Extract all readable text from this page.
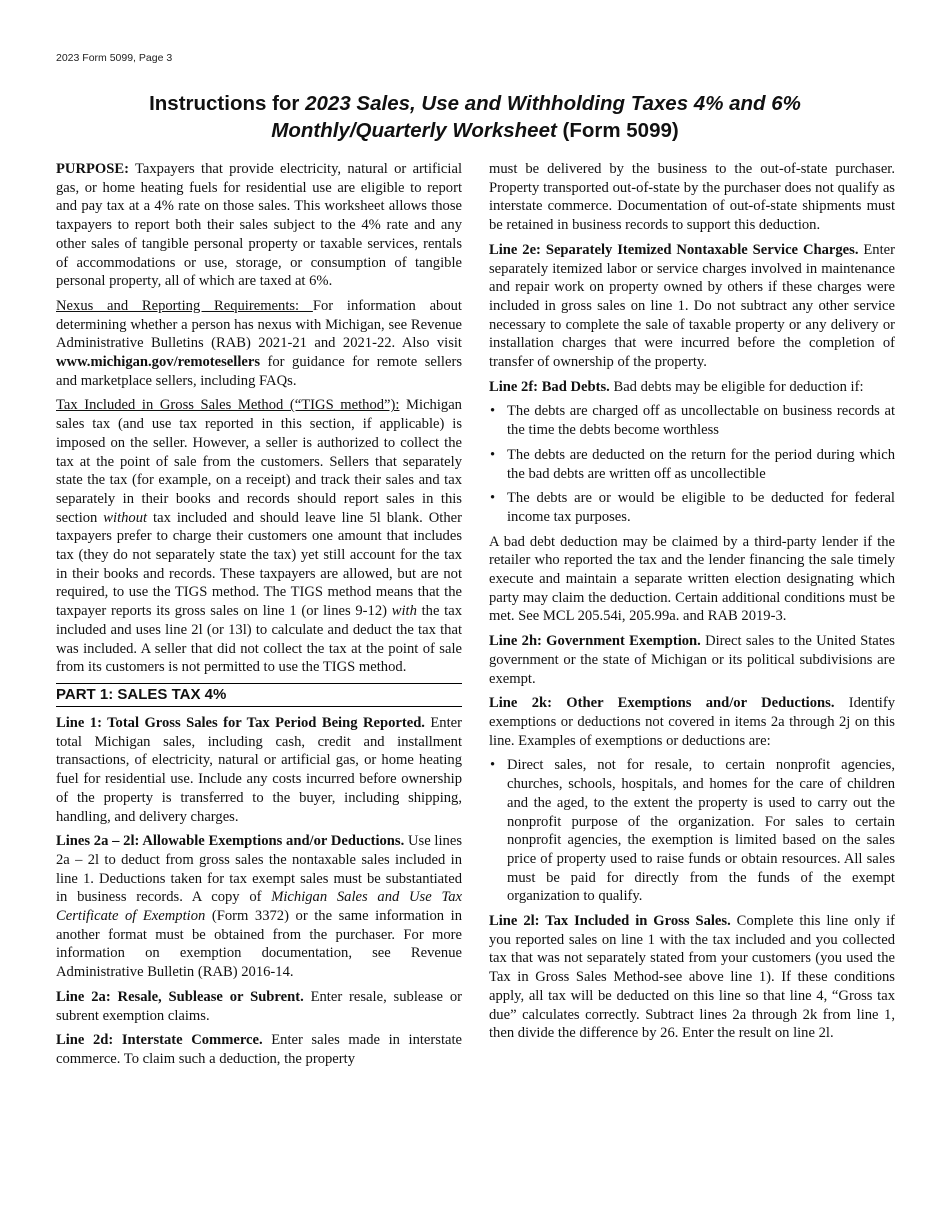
2023 Form 5099, Page 3
Instructions for 2023 Sales, Use and Withholding Taxes 4% and 6%
Monthly/Quarterly Worksheet (Form 5099)

PURPOSE: Taxpayers that provide electricity, natural or artificial gas, or home heating fuels for residential use are eligible to report and pay tax at a 4% rate on those sales. This worksheet allows those taxpayers to report both their sales subject to the 4% rate and any other sales of tangible personal property or taxable services, rentals of accommodations or use, storage, or consumption of tangible personal property, all of which are taxed at 6%.

Nexus and Reporting Requirements: For information about determining whether a person has nexus with Michigan, see Revenue Administrative Bulletins (RAB) 2021-21 and 2021-22. Also visit www.michigan.gov/remotesellers for guidance for remote sellers and marketplace sellers, including FAQs.

Tax Included in Gross Sales Method (“TIGS method”): Michigan sales tax (and use tax reported in this section, if applicable) is imposed on the seller. However, a seller is authorized to collect the tax at the point of sale from the customers. Sellers that separately state the tax (for example, on a receipt) and track their sales and tax separately in their books and records should report sales in this section without tax included and should leave line 5l blank. Other taxpayers prefer to charge their customers one amount that includes tax (they do not separately state the tax) yet still account for the tax in their books and records. These taxpayers are allowed, but are not required, to use the TIGS method. The TIGS method means that the taxpayer reports its gross sales on line 1 (or lines 9-12) with the tax included and uses line 2l (or 13l) to calculate and deduct the tax that was included. A seller that did not collect the tax at the point of sale from its customers is not permitted to use the TIGS method.

PART 1: SALES TAX 4%

Line 1: Total Gross Sales for Tax Period Being Reported. Enter total Michigan sales, including cash, credit and installment transactions, of electricity, natural or artificial gas, or home heating fuel for residential use. Include any costs incurred before ownership of the property is transferred to the buyer, including shipping, handling, and delivery charges.

Lines 2a – 2l: Allowable Exemptions and/or Deductions. Use lines 2a – 2l to deduct from gross sales the nontaxable sales included in line 1. Deductions taken for tax exempt sales must be substantiated in business records. A copy of Michigan Sales and Use Tax Certificate of Exemption (Form 3372) or the same information in another format must be obtained from the purchaser. For more information on exemption documentation, see Revenue Administrative Bulletin (RAB) 2016-14.

Line 2a: Resale, Sublease or Subrent. Enter resale, sublease or subrent exemption claims.

Line 2d: Interstate Commerce. Enter sales made in interstate commerce. To claim such a deduction, the property

must be delivered by the business to the out-of-state purchaser. Property transported out-of-state by the purchaser does not qualify as interstate commerce. Documentation of out-of-state shipments must be retained in business records to support this deduction.

Line 2e: Separately Itemized Nontaxable Service Charges. Enter separately itemized labor or service charges involved in maintenance and repair work on property owned by others if these charges were included in gross sales on line 1. Do not subtract any other service necessary to complete the sale of taxable property or any delivery or installation charges that were incurred before the completion of transfer of ownership of the property.

Line 2f: Bad Debts. Bad debts may be eligible for deduction if:

• The debts are charged off as uncollectable on business records at the time the debts become worthless
• The debts are deducted on the return for the period during which the bad debts are written off as uncollectible
• The debts are or would be eligible to be deducted for federal income tax purposes.

A bad debt deduction may be claimed by a third-party lender if the retailer who reported the tax and the lender financing the sale timely execute and maintain a separate written election designating which party may claim the deduction. Certain additional conditions must be met. See MCL 205.54i, 205.99a. and RAB 2019-3.

Line 2h: Government Exemption. Direct sales to the United States government or the state of Michigan or its political subdivisions are exempt.

Line 2k: Other Exemptions and/or Deductions. Identify exemptions or deductions not covered in items 2a through 2j on this line. Examples of exemptions or deductions are:

• Direct sales, not for resale, to certain nonprofit agencies, churches, schools, hospitals, and homes for the care of children and the aged, to the extent the property is used to carry out the nonprofit purpose of the organization. For sales to certain nonprofit agencies, the exemption is limited based on the sales price of property used to raise funds or obtain resources. All sales must be paid for directly from the funds of the exempt organization to qualify.

Line 2l: Tax Included in Gross Sales. Complete this line only if you reported sales on line 1 with the tax included and you collected tax that was not separately stated from your customers (you used the Tax in Gross Sales Method-see above line 1). If these conditions apply, all tax will be deducted on this line so that line 4, “Gross tax due” calculates correctly. Subtract lines 2a through 2k from line 1, then divide the difference by 26. Enter the result on line 2l.
